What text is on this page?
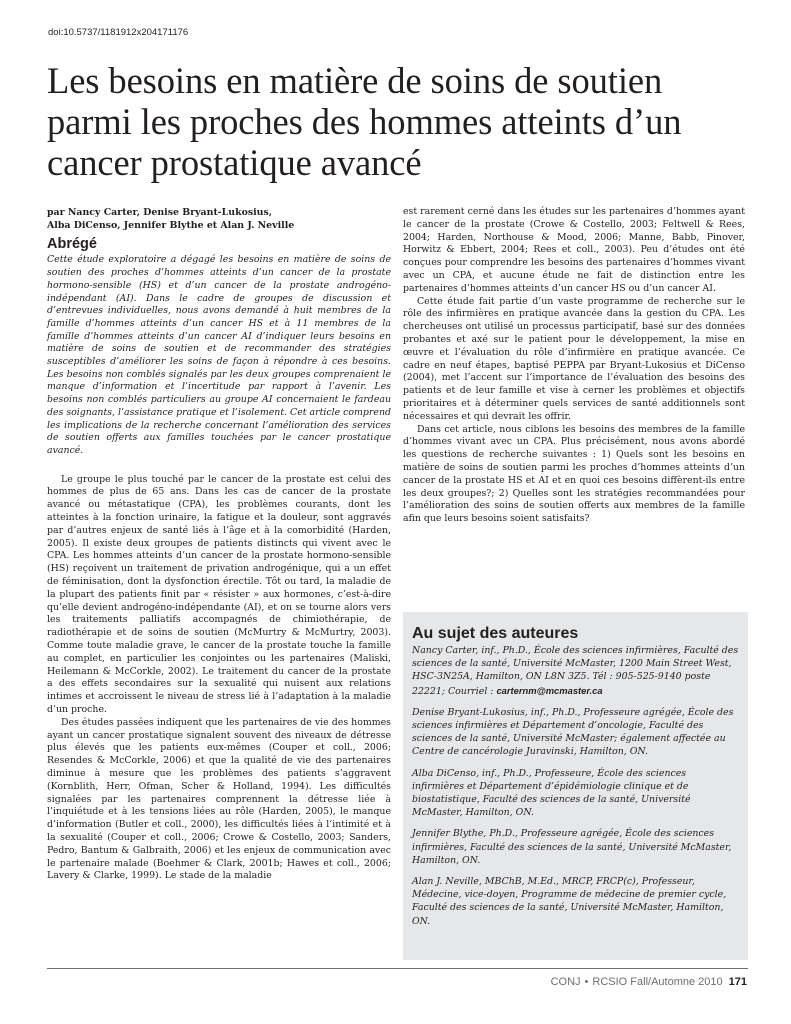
doi:10.5737/1181912x204171176
Les besoins en matière de soins de soutien parmi les proches des hommes atteints d’un cancer prostatique avancé

par Nancy Carter, Denise Bryant-Lukosius,
Alba DiCenso, Jennifer Blythe et Alan J. Neville

Abrégé

Cette étude exploratoire a dégagé les besoins en matière de soins de soutien des proches d’hommes atteints d’un cancer de la prostate hormono-sensible (HS) et d’un cancer de la prostate androgéno-indépendant (AI). Dans le cadre de groupes de discussion et d’entrevues individuelles, nous avons demandé à huit membres de la famille d’hommes atteints d’un cancer HS et à 11 membres de la famille d’hommes atteints d’un cancer AI d’indiquer leurs besoins en matière de soins de soutien et de recommander des stratégies susceptibles d’améliorer les soins de façon à répondre à ces besoins. Les besoins non comblés signalés par les deux groupes comprenaient le manque d’information et l’incertitude par rapport à l’avenir. Les besoins non comblés particuliers au groupe AI concernaient le fardeau des soignants, l’assistance pratique et l’isolement. Cet article comprend les implications de la recherche concernant l’amélioration des services de soutien offerts aux familles touchées par le cancer prostatique avancé.

Le groupe le plus touché par le cancer de la prostate est celui des hommes de plus de 65 ans. Dans les cas de cancer de la prostate avancé ou métastatique (CPA), les problèmes courants, dont les atteintes à la fonction urinaire, la fatigue et la douleur, sont aggravés par d’autres enjeux de santé liés à l’âge et à la comorbidité (Harden, 2005). Il existe deux groupes de patients distincts qui vivent avec le CPA. Les hommes atteints d’un cancer de la prostate hormono-sensible (HS) reçoivent un traitement de privation androgénique, qui a un effet de féminisation, dont la dysfonction érectile. Tôt ou tard, la maladie de la plupart des patients finit par « résister » aux hormones, c’est-à-dire qu’elle devient androgéno-indépendante (AI), et on se tourne alors vers les traitements palliatifs accompagnés de chimiothérapie, de radiothérapie et de soins de soutien (McMurtry & McMurtry, 2003). Comme toute maladie grave, le cancer de la prostate touche la famille au complet, en particulier les conjointes ou les partenaires (Maliski, Heilemann & McCorkle, 2002). Le traitement du cancer de la prostate a des effets secondaires sur la sexualité qui nuisent aux relations intimes et accroissent le niveau de stress lié à l’adaptation à la maladie d’un proche.

Des études passées indiquent que les partenaires de vie des hommes ayant un cancer prostatique signalent souvent des niveaux de détresse plus élevés que les patients eux-mêmes (Couper et coll., 2006; Resendes & McCorkle, 2006) et que la qualité de vie des partenaires diminue à mesure que les problèmes des patients s’aggravent (Kornblith, Herr, Ofman, Scher & Holland, 1994). Les difficultés signalées par les partenaires comprennent la détresse liée à l’inquiétude et à les tensions liées au rôle (Harden, 2005), le manque d’information (Butler et coll., 2000), les difficultés liées à l’intimité et à la sexualité (Couper et coll., 2006; Crowe & Costello, 2003; Sanders, Pedro, Bantum & Galbraith, 2006) et les enjeux de communication avec le partenaire malade (Boehmer & Clark, 2001b; Hawes et coll., 2006; Lavery & Clarke, 1999). Le stade de la maladie

est rarement cerné dans les études sur les partenaires d’hommes ayant le cancer de la prostate (Crowe & Costello, 2003; Feltwell & Rees, 2004; Harden, Northouse & Mood, 2006; Manne, Babb, Pinover, Horwitz & Ebbert, 2004; Rees et coll., 2003). Peu d’études ont été conçues pour comprendre les besoins des partenaires d’hommes vivant avec un CPA, et aucune étude ne fait de distinction entre les partenaires d’hommes atteints d’un cancer HS ou d’un cancer AI.

Cette étude fait partie d’un vaste programme de recherche sur le rôle des infirmières en pratique avancée dans la gestion du CPA. Les chercheuses ont utilisé un processus participatif, basé sur des données probantes et axé sur le patient pour le développement, la mise en œuvre et l’évaluation du rôle d’infirmière en pratique avancée. Ce cadre en neuf étapes, baptisé PEPPA par Bryant-Lukosius et DiCenso (2004), met l’accent sur l’importance de l’évaluation des besoins des patients et de leur famille et vise à cerner les problèmes et objectifs prioritaires et à déterminer quels services de santé additionnels sont nécessaires et qui devrait les offrir.

Dans cet article, nous ciblons les besoins des membres de la famille d’hommes vivant avec un CPA. Plus précisément, nous avons abordé les questions de recherche suivantes : 1) Quels sont les besoins en matière de soins de soutien parmi les proches d’hommes atteints d’un cancer de la prostate HS et AI et en quoi ces besoins diffèrent-ils entre les deux groupes?; 2) Quelles sont les stratégies recommandées pour l’amélioration des soins de soutien offerts aux membres de la famille afin que leurs besoins soient satisfaits?

Au sujet des auteures

Nancy Carter, inf., Ph.D., École des sciences infirmières, Faculté des sciences de la santé, Université McMaster, 1200 Main Street West, HSC-3N25A, Hamilton, ON L8N 3Z5. Tél : 905-525-9140 poste 22221; Courriel : carternm@mcmaster.ca

Denise Bryant-Lukosius, inf., Ph.D., Professeure agrégée, École des sciences infirmières et Département d’oncologie, Faculté des sciences de la santé, Université McMaster; également affectée au Centre de cancérologie Juravinski, Hamilton, ON.

Alba DiCenso, inf., Ph.D., Professeure, École des sciences infirmières et Département d’épidémiologie clinique et de biostatistique, Faculté des sciences de la santé, Université McMaster, Hamilton, ON.

Jennifer Blythe, Ph.D., Professeure agrégée, École des sciences infirmières, Faculté des sciences de la santé, Université McMaster, Hamilton, ON.

Alan J. Neville, MBChB, M.Ed., MRCP, FRCP(c), Professeur, Médecine, vice-doyen, Programme de médecine de premier cycle, Faculté des sciences de la santé, Université McMaster, Hamilton, ON.

CONJ • RCSIO Fall/Automne 2010 171
